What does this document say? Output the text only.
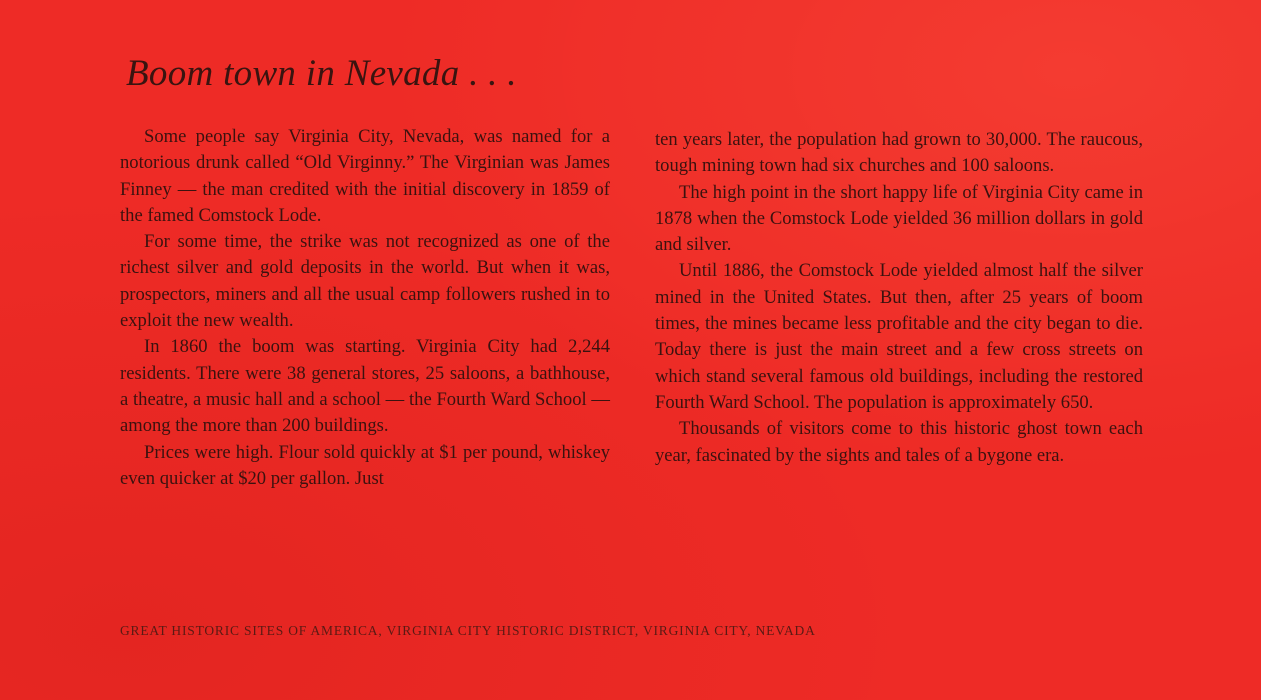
Boom town in Nevada . . .

Some people say Virginia City, Nevada, was named for a notorious drunk called “Old Virginny.” The Virginian was James Finney — the man credited with the initial discovery in 1859 of the famed Comstock Lode.

For some time, the strike was not recognized as one of the richest silver and gold deposits in the world. But when it was, prospectors, miners and all the usual camp followers rushed in to exploit the new wealth.

In 1860 the boom was starting. Virginia City had 2,244 residents. There were 38 general stores, 25 saloons, a bathhouse, a theatre, a music hall and a school — the Fourth Ward School — among the more than 200 buildings.

Prices were high. Flour sold quickly at $1 per pound, whiskey even quicker at $20 per gallon. Just

ten years later, the population had grown to 30,000. The raucous, tough mining town had six churches and 100 saloons.

The high point in the short happy life of Virginia City came in 1878 when the Comstock Lode yielded 36 million dollars in gold and silver.

Until 1886, the Comstock Lode yielded almost half the silver mined in the United States. But then, after 25 years of boom times, the mines became less profitable and the city began to die. Today there is just the main street and a few cross streets on which stand several famous old buildings, including the restored Fourth Ward School. The population is approximately 650.

Thousands of visitors come to this historic ghost town each year, fascinated by the sights and tales of a bygone era.

GREAT HISTORIC SITES OF AMERICA, VIRGINIA CITY HISTORIC DISTRICT, VIRGINIA CITY, NEVADA
